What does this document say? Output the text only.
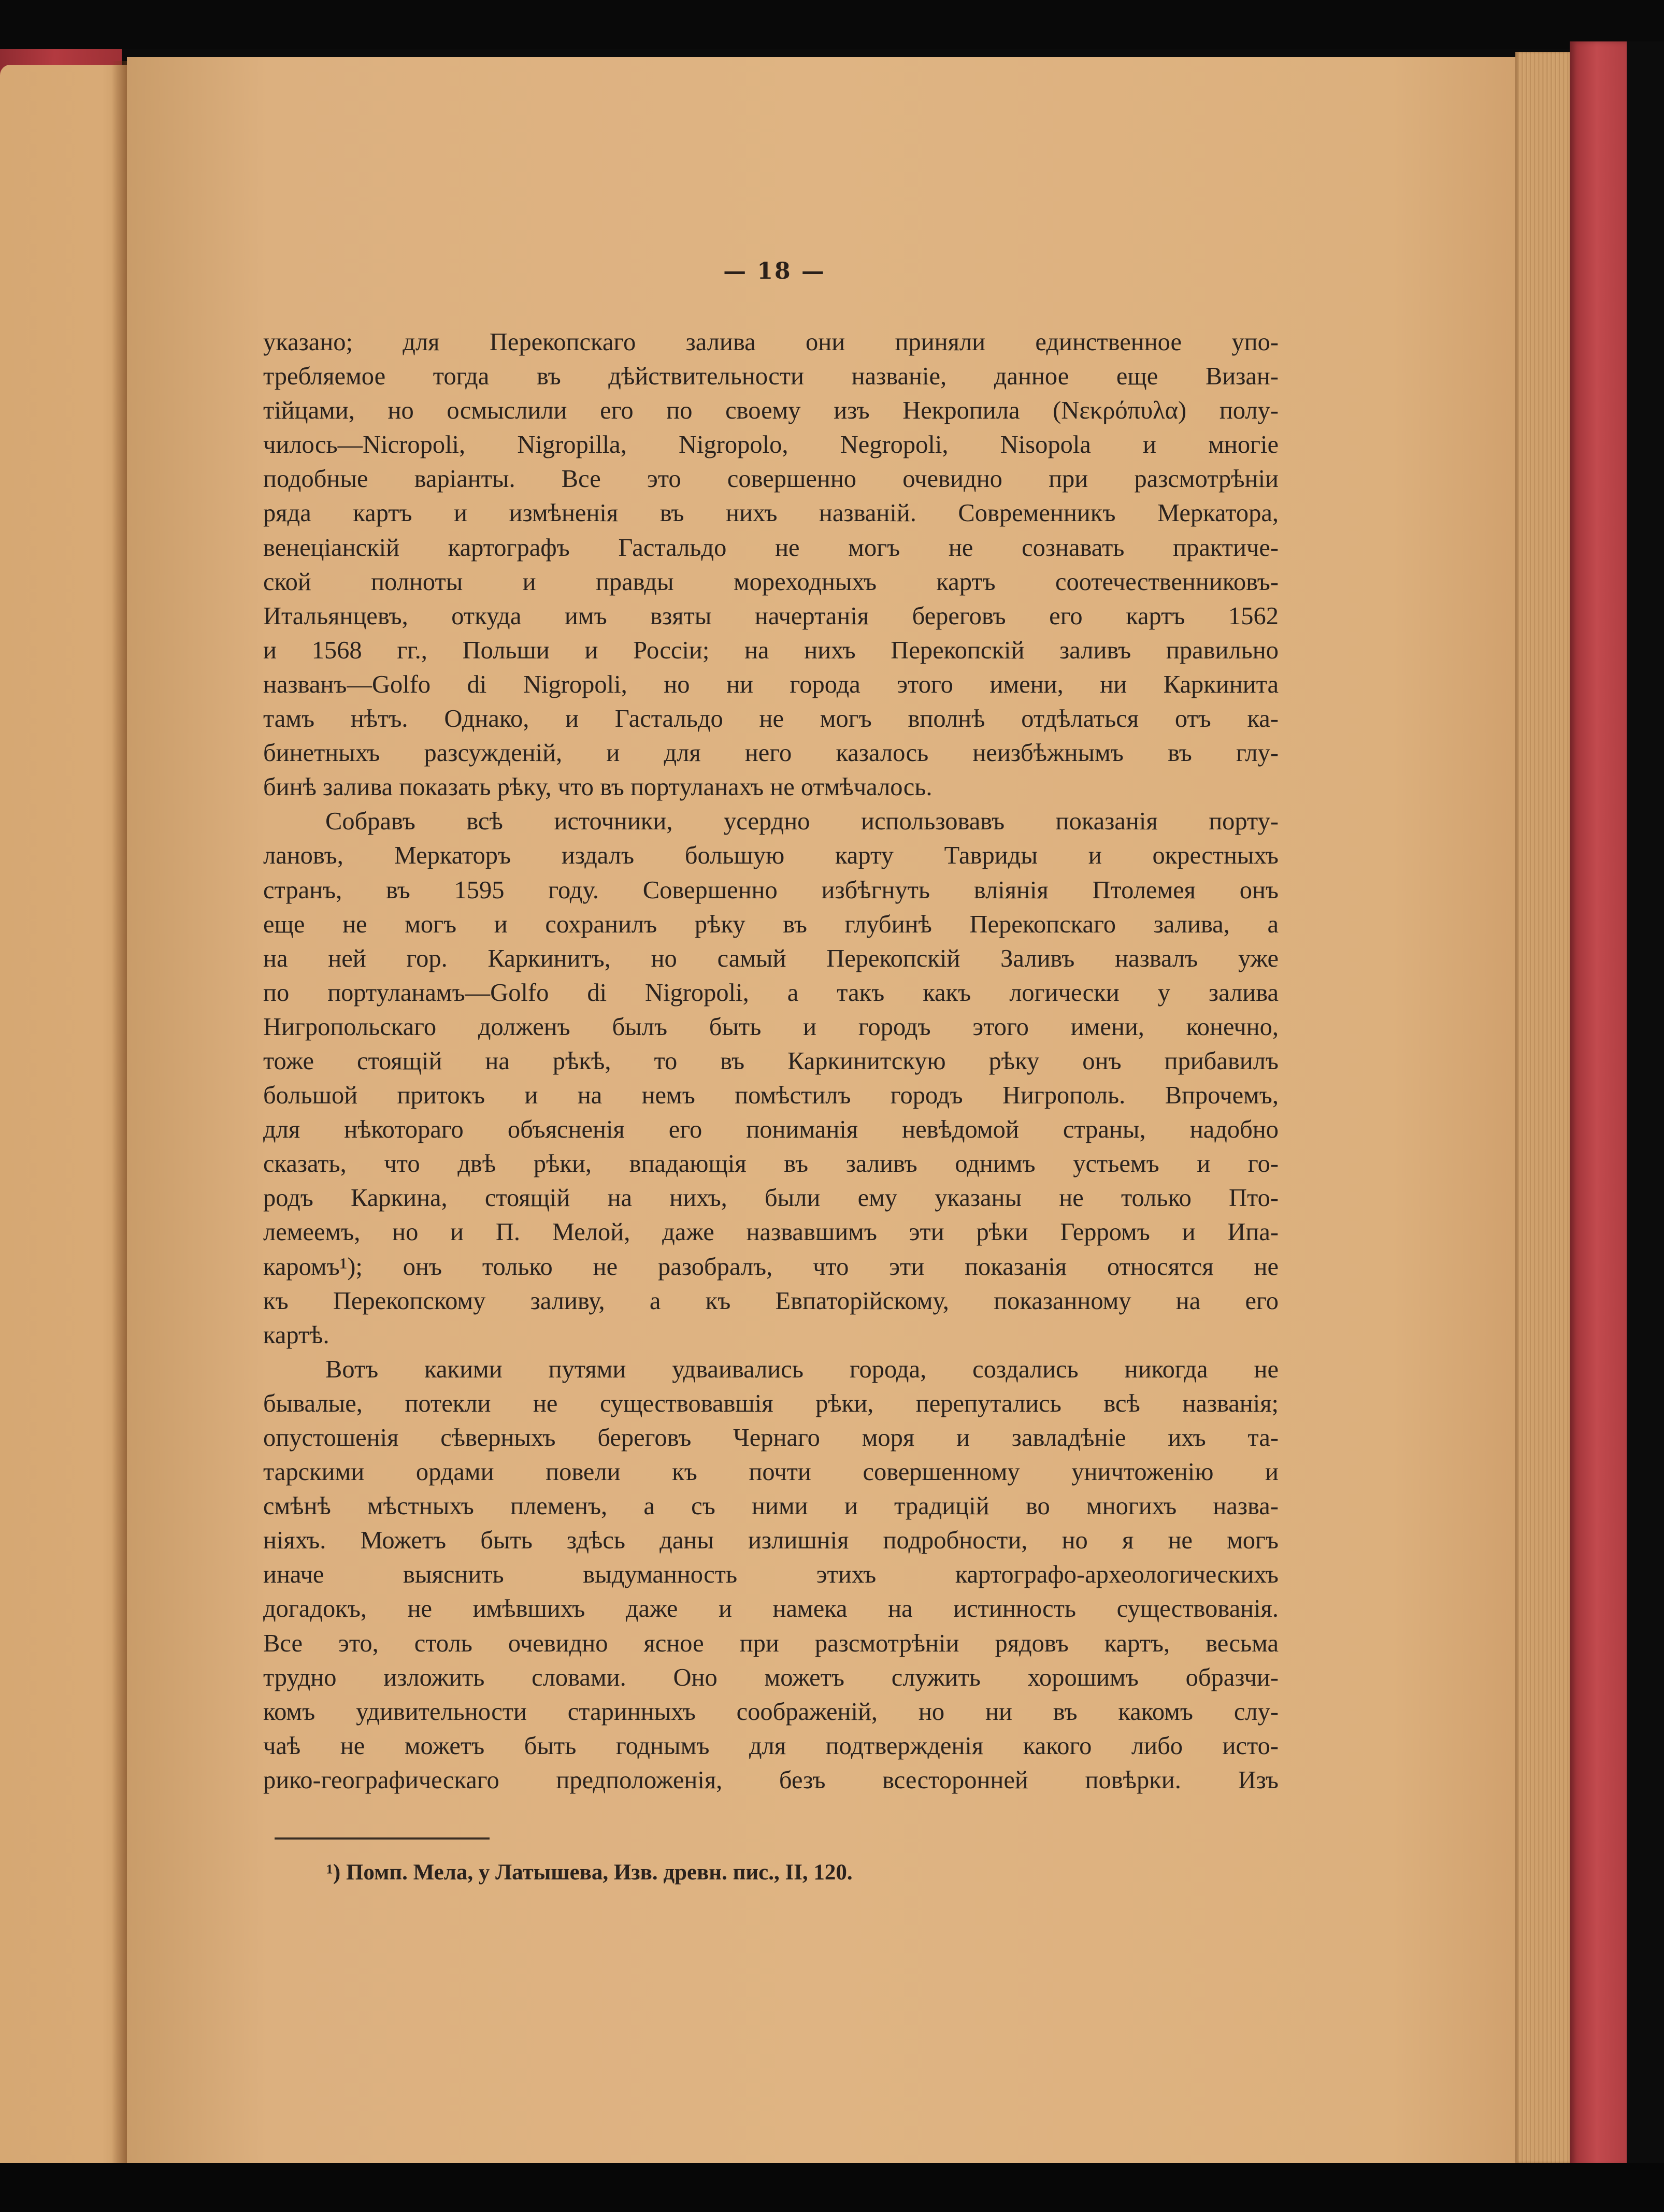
— 18 —

указано; для Перекопскаго залива они приняли единственное упо-
требляемое тогда въ дѣйствительности названіе, данное еще Визан-
тійцами, но осмыслили его по своему изъ Некропила (Νεκρόπυλα) полу-
чилось—Nicropoli, Nigropilla, Nigropolo, Negropoli, Nisopola и многіе
подобные варіанты. Все это совершенно очевидно при разсмотрѣніи
ряда картъ и измѣненія въ нихъ названій. Современникъ Меркатора,
венеціанскій картографъ Гастальдо не могъ не сознавать практиче-
ской полноты и правды мореходныхъ картъ соотечественниковъ-
Итальянцевъ, откуда имъ взяты начертанія береговъ его картъ 1562
и 1568 гг., Польши и Россіи; на нихъ Перекопскій заливъ правильно
названъ—Golfo di Nigropoli, но ни города этого имени, ни Каркинита
тамъ нѣтъ. Однако, и Гастальдо не могъ вполнѣ отдѣлаться отъ ка-
бинетныхъ разсужденій, и для него казалось неизбѣжнымъ въ глу-
бинѣ залива показать рѣку, что въ портуланахъ не отмѣчалось.

Собравъ всѣ источники, усердно использовавъ показанія порту-
лановъ, Меркаторъ издалъ большую карту Тавриды и окрестныхъ
странъ, въ 1595 году. Совершенно избѣгнуть вліянія Птолемея онъ
еще не могъ и сохранилъ рѣку въ глубинѣ Перекопскаго залива, а
на ней гор. Каркинитъ, но самый Перекопскій Заливъ назвалъ уже
по портуланамъ—Golfo di Nigropoli, а такъ какъ логически у залива
Нигропольскаго долженъ былъ быть и городъ этого имени, конечно,
тоже стоящій на рѣкѣ, то въ Каркинитскую рѣку онъ прибавилъ
большой притокъ и на немъ помѣстилъ городъ Нигрополь. Впрочемъ,
для нѣкотораго объясненія его пониманія невѣдомой страны, надобно
сказать, что двѣ рѣки, впадающія въ заливъ однимъ устьемъ и го-
родъ Каркина, стоящій на нихъ, были ему указаны не только Пто-
лемеемъ, но и П. Мелой, даже назвавшимъ эти рѣки Герромъ и Ипа-
каромъ¹); онъ только не разобралъ, что эти показанія относятся не
къ Перекопскому заливу, а къ Евпаторійскому, показанному на его
картѣ.

Вотъ какими путями удваивались города, создались никогда не
бывалые, потекли не существовавшія рѣки, перепутались всѣ названія;
опустошенія сѣверныхъ береговъ Чернаго моря и завладѣніе ихъ та-
тарскими ордами повели къ почти совершенному уничтоженію и
смѣнѣ мѣстныхъ племенъ, а съ ними и традицій во многихъ назва-
ніяхъ. Можетъ быть здѣсь даны излишнія подробности, но я не могъ
иначе выяснить выдуманность этихъ картографо-археологическихъ
догадокъ, не имѣвшихъ даже и намека на истинность существованія.
Все это, столь очевидно ясное при разсмотрѣніи рядовъ картъ, весьма
трудно изложить словами. Оно можетъ служить хорошимъ образчи-
комъ удивительности старинныхъ соображеній, но ни въ какомъ слу-
чаѣ не можетъ быть годнымъ для подтвержденія какого либо исто-
рико-географическаго предположенія, безъ всесторонней повѣрки. Изъ

¹) Помп. Мела, у Латышева, Изв. древн. пис., II, 120.
